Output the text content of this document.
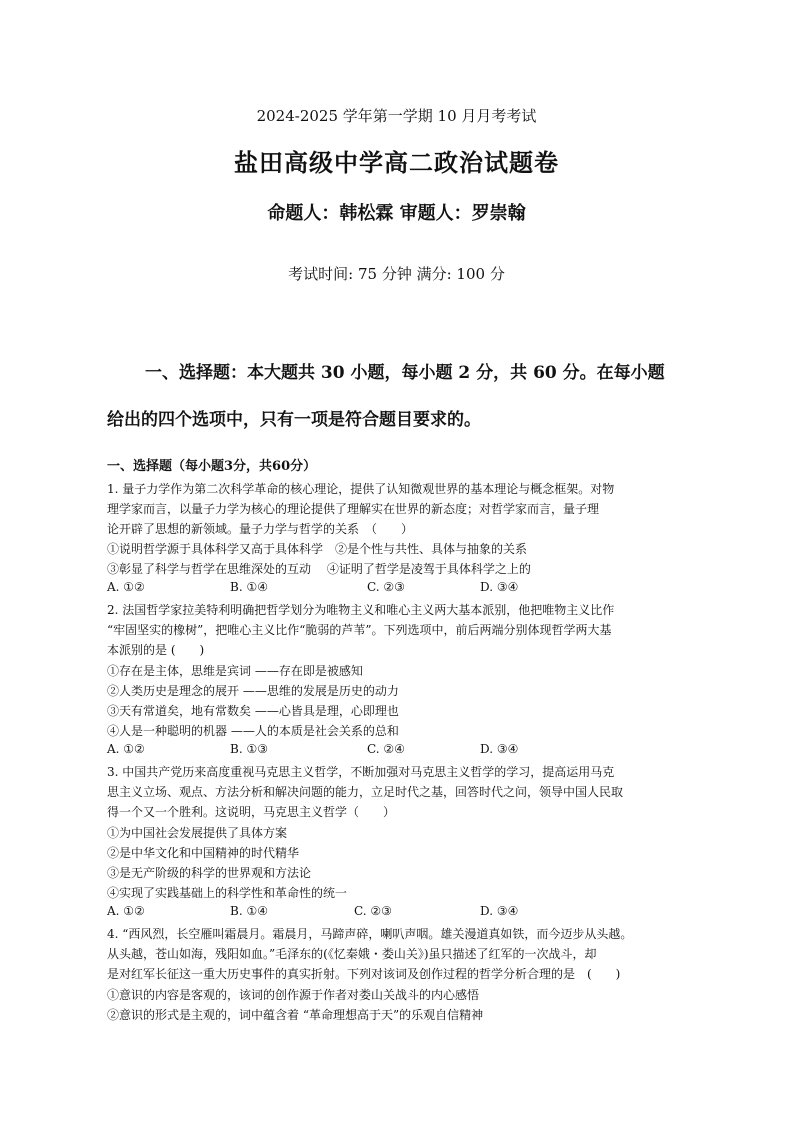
2024-2025 学年第一学期 10 月月考考试
盐田高级中学高二政治试题卷
命题人：韩松霖 审题人：罗崇翰
考试时间: 75 分钟 满分: 100 分
一、选择题：本大题共 30 小题，每小题 2 分，共 60 分。在每小题
给出的四个选项中，只有一项是符合题目要求的。
一、选择题（每小题3分，共60分）
1. 量子力学作为第二次科学革命的核心理论，提供了认知微观世界的基本理论与概念框架。对物
理学家而言，以量子力学为核心的理论提供了理解实在世界的新态度；对哲学家而言，量子理
论开辟了思想的新领域。量子力学与哲学的关系　（　　）
①说明哲学源于具体科学又高于具体科学　②是个性与共性、具体与抽象的关系
③彰显了科学与哲学在思维深处的互动　 ④证明了哲学是凌驾于具体科学之上的
A. ①②	B. ①④	C. ②③	D. ③④
2. 法国哲学家拉美特利明确把哲学划分为唯物主义和唯心主义两大基本派别，他把唯物主义比作
“牢固坚实的橡树”，把唯心主义比作“脆弱的芦苇”。下列选项中，前后两端分别体现哲学两大基
本派别的是 (　　)
①存在是主体，思维是宾词 ——存在即是被感知
②人类历史是理念的展开 ——思维的发展是历史的动力
③天有常道矣，地有常数矣 ——心皆具是理，心即理也
④人是一种聪明的机器 ——人的本质是社会关系的总和
A. ①②	B. ①③	C. ②④	D. ③④
3. 中国共产党历来高度重视马克思主义哲学，不断加强对马克思主义哲学的学习，提高运用马克
思主义立场、观点、方法分析和解决问题的能力，立足时代之基，回答时代之问，领导中国人民取
得一个又一个胜利。这说明，马克思主义哲学（　　）
①为中国社会发展提供了具体方案
②是中华文化和中国精神的时代精华
③是无产阶级的科学的世界观和方法论
④实现了实践基础上的科学性和革命性的统一
A. ①②	B. ①④	C. ②③	D. ③④
4. “西风烈，长空雁叫霜晨月。霜晨月，马蹄声碎，喇叭声咽。雄关漫道真如铁，而今迈步从头越。
从头越，苍山如海，残阳如血。”毛泽东的(《忆秦娥・娄山关》)虽只描述了红军的一次战斗，却
是对红军长征这一重大历史事件的真实折射。下列对该词及创作过程的哲学分析合理的是　(　　)
①意识的内容是客观的，该词的创作源于作者对娄山关战斗的内心感悟
②意识的形式是主观的，词中蕴含着 “革命理想高于天”的乐观自信精神
